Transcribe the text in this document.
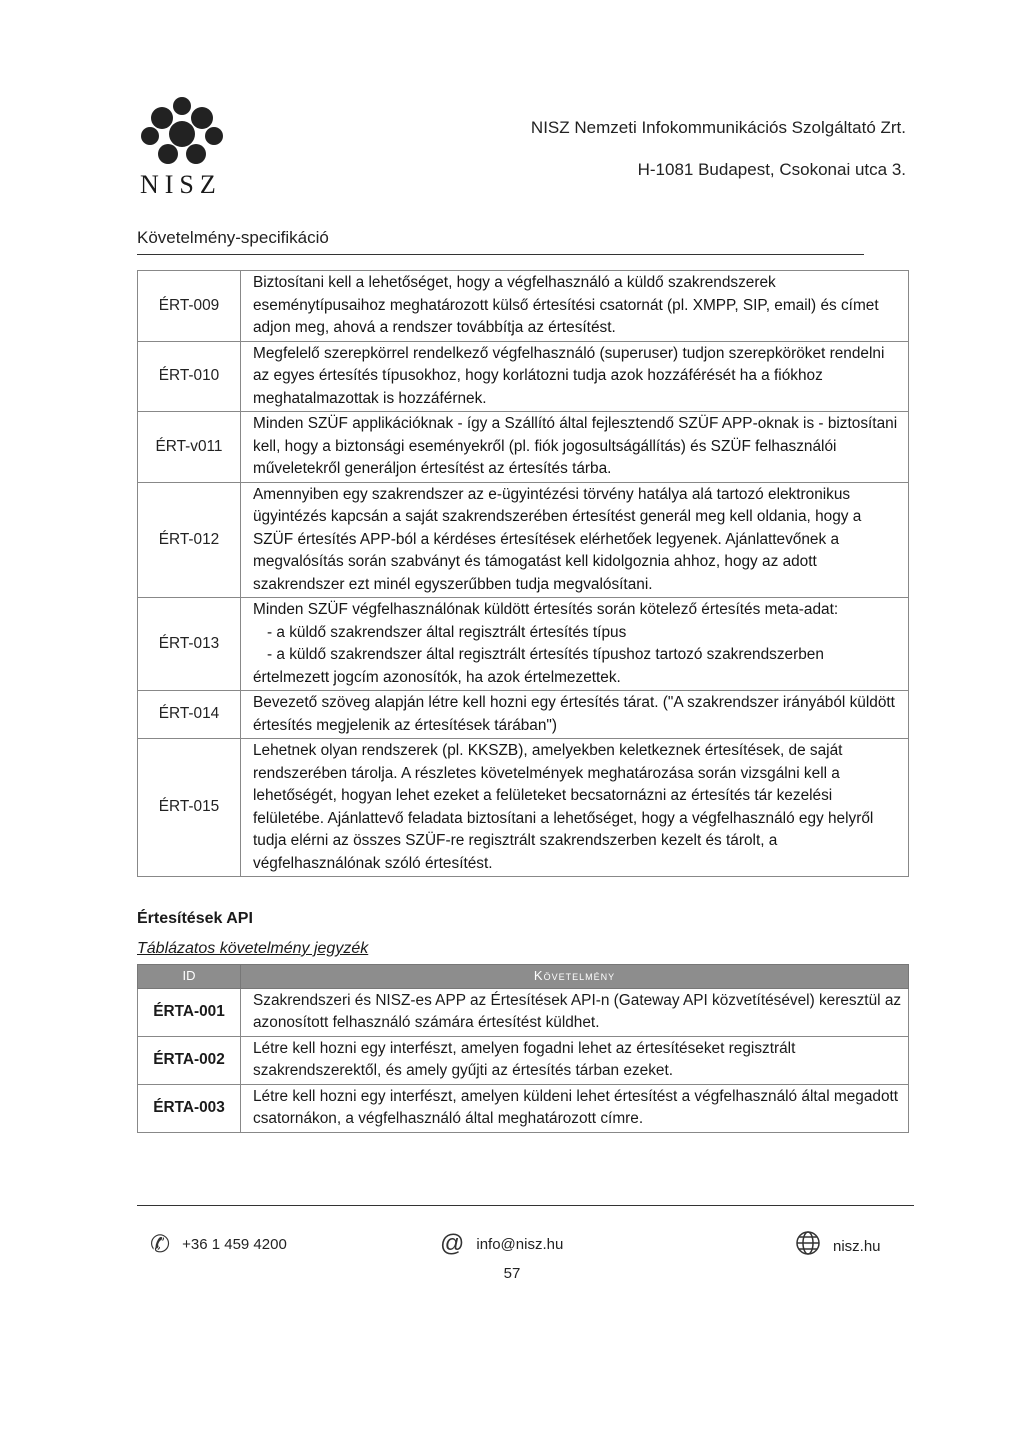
NISZ
NISZ Nemzeti Infokommunikációs Szolgáltató Zrt.
H-1081 Budapest, Csokonai utca 3.
Követelmény-specifikáció
ÉRT-009	Biztosítani kell a lehetőséget, hogy a végfelhasználó a küldő szakrendszerek eseménytípusaihoz meghatározott külső értesítési csatornát (pl. XMPP, SIP, email) és címet adjon meg, ahová a rendszer továbbítja az értesítést.
ÉRT-010	Megfelelő szerepkörrel rendelkező végfelhasználó (superuser) tudjon szerepköröket rendelni az egyes értesítés típusokhoz, hogy korlátozni tudja azok hozzáférését ha a fiókhoz meghatalmazottak is hozzáférnek.
ÉRT-v011	Minden SZÜF applikációknak - így a Szállító által fejlesztendő SZÜF APP-oknak is - biztosítani kell, hogy a biztonsági eseményekről (pl. fiók jogosultságállítás) és SZÜF felhasználói műveletekről generáljon értesítést az értesítés tárba.
ÉRT-012	Amennyiben egy szakrendszer az e-ügyintézési törvény hatálya alá tartozó elektronikus ügyintézés kapcsán a saját szakrendszerében értesítést generál meg kell oldania, hogy a SZÜF értesítés APP-ból a kérdéses értesítések elérhetőek legyenek. Ajánlattevőnek a megvalósítás során szabványt és támogatást kell kidolgoznia ahhoz, hogy az adott szakrendszer ezt minél egyszerűbben tudja megvalósítani.
ÉRT-013	Minden SZÜF végfelhasználónak küldött értesítés során kötelező értesítés meta-adat:
- a küldő szakrendszer által regisztrált értesítés típus
- a küldő szakrendszer által regisztrált értesítés típushoz tartozó szakrendszerben
értelmezett jogcím azonosítók, ha azok értelmezettek.

ÉRT-014	Bevezető szöveg alapján létre kell hozni egy értesítés tárat. ("A szakrendszer irányából küldött értesítés megjelenik az értesítések tárában")
ÉRT-015	Lehetnek olyan rendszerek (pl. KKSZB), amelyekben keletkeznek értesítések, de saját rendszerében tárolja. A részletes követelmények meghatározása során vizsgálni kell a lehetőségét, hogyan lehet ezeket a felületeket becsatornázni az értesítés tár kezelési felületébe. Ajánlattevő feladata biztosítani a lehetőséget, hogy a végfelhasználó egy helyről tudja elérni az összes SZÜF-re regisztrált szakrendszerben kezelt és tárolt, a végfelhasználónak szóló értesítést.
Értesítések API
Táblázatos követelmény jegyzék
ID	Követelmény
ÉRTA-001	Szakrendszeri és NISZ-es APP az Értesítések API-n (Gateway API közvetítésével) keresztül az azonosított felhasználó számára értesítést küldhet.
ÉRTA-002	Létre kell hozni egy interfészt, amelyen fogadni lehet az értesítéseket regisztrált szakrendszerektől, és amely gyűjti az értesítés tárban ezeket.
ÉRTA-003	Létre kell hozni egy interfészt, amelyen küldeni lehet értesítést a végfelhasználó által megadott csatornákon, a végfelhasználó által meghatározott címre.
✆ +36 1 459 4200	@ info@nisz.hu	nisz.hu
57
